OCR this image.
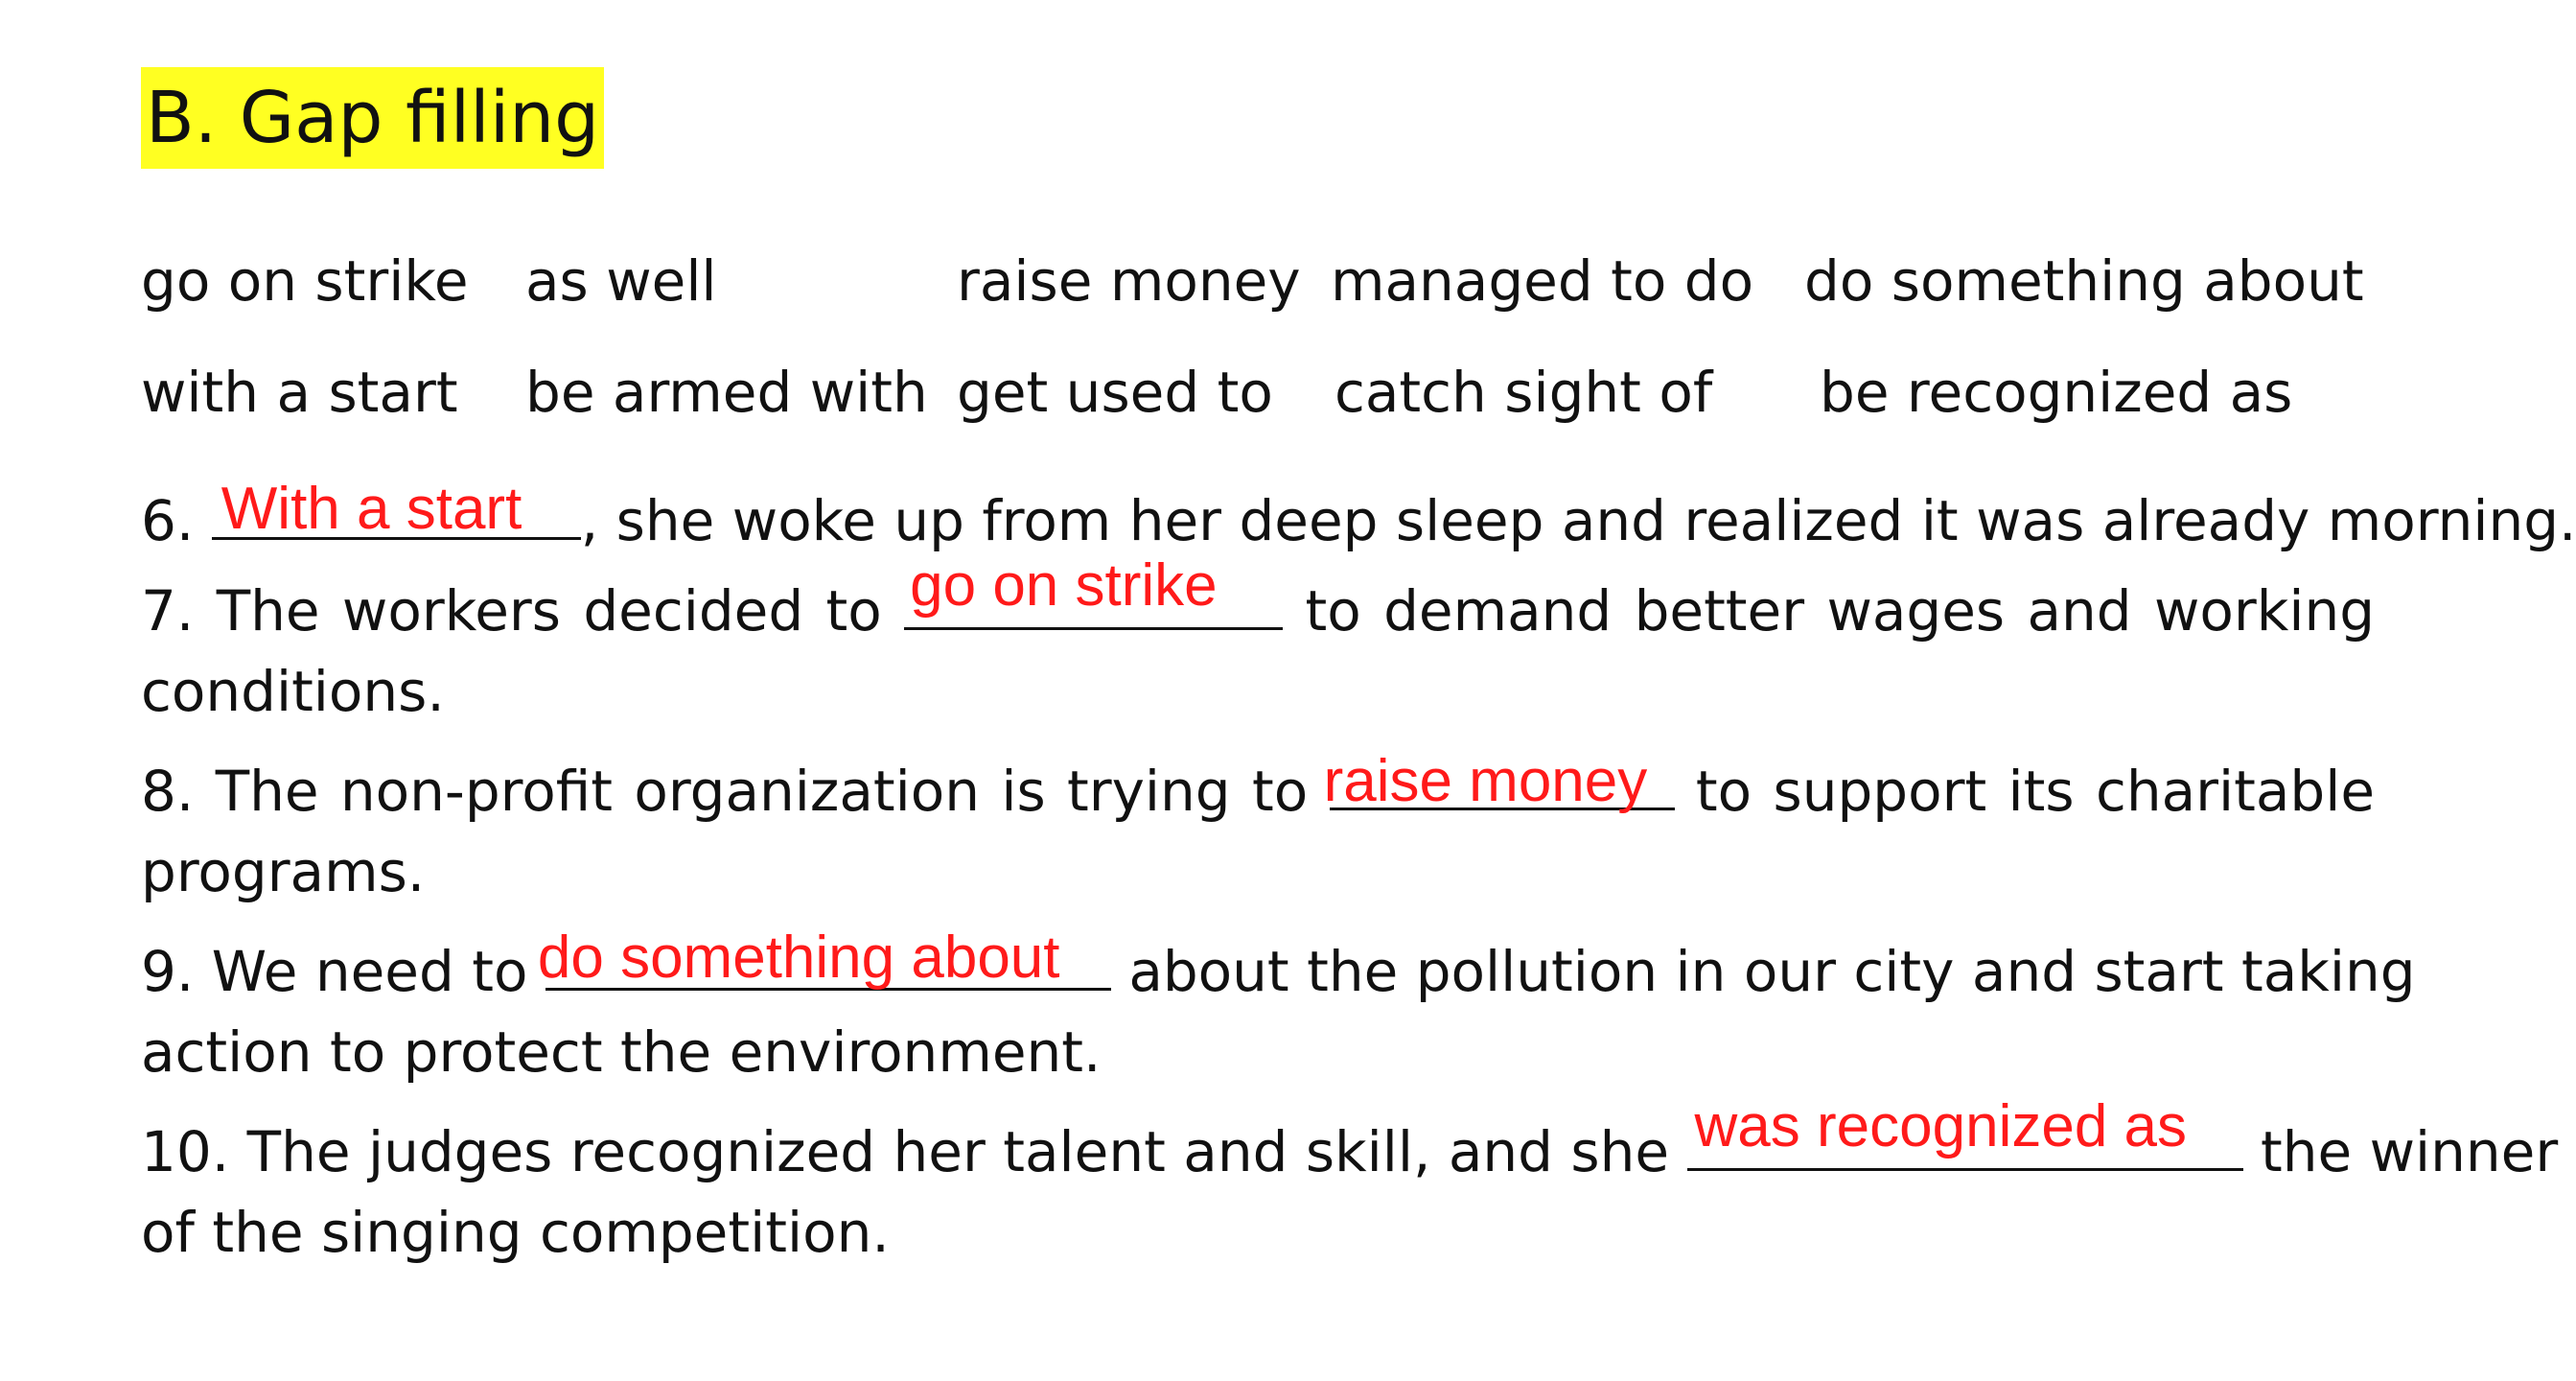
B. Gap filling
go on strike as well	raise money managed to do do something about
with a start be armed with get used to catch sight of be recognized as
6. With a start , she woke up from her deep sleep and realized it was already morning.
7. The workers decided to go on strike to demand better wages and working
conditions.
8. The non-profit organization is trying to raise money to support its charitable
programs.
9. We need to do something about about the pollution in our city and start taking
action to protect the environment.
10. The judges recognized her talent and skill, and she was recognized as the winner
of the singing competition.
